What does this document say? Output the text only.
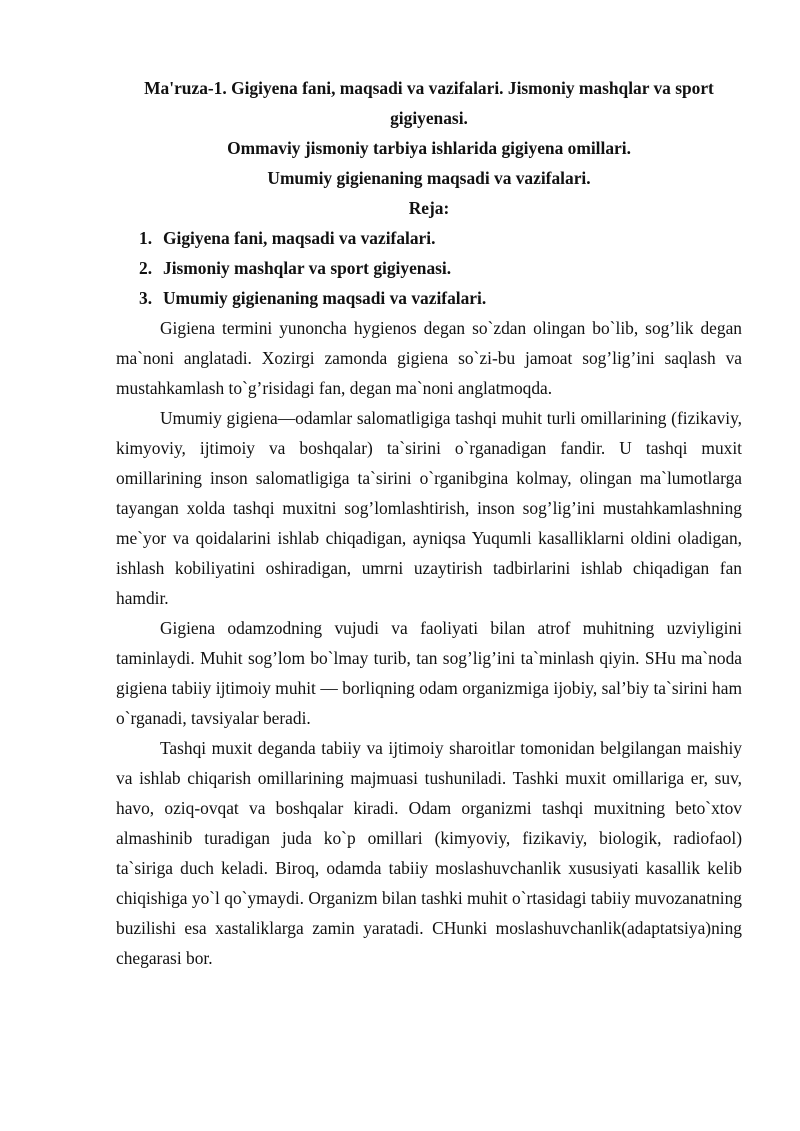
Ma'ruza-1. Gigiyena fani, maqsadi va vazifalari. Jismoniy mashqlar va sport gigiyenasi.
Ommaviy jismoniy tarbiya ishlarida gigiyena omillari.
Umumiy gigienaning maqsadi va vazifalari.
Reja:
1. Gigiyena fani, maqsadi va vazifalari.
2. Jismoniy mashqlar va sport gigiyenasi.
3. Umumiy gigienaning maqsadi va vazifalari.

Gigiena termini yunoncha hygienos degan so`zdan olingan bo`lib, sog’lik degan ma`noni anglatadi. Xozirgi zamonda gigiena so`zi-bu jamoat sog’lig’ini saqlash va mustahkamlash to`g’risidagi fan, degan ma`noni anglatmoqda.

Umumiy gigiena—odamlar salomatligiga tashqi muhit turli omillarining (fizikaviy, kimyoviy, ijtimoiy va boshqalar) ta`sirini o`rganadigan fandir. U tashqi muxit omillarining inson salomatligiga ta`sirini o`rganibgina kolmay, olingan ma`lumotlarga tayangan xolda tashqi muxitni sog’lomlashtirish, inson sog’lig’ini mustahkamlashning me`yor va qoidalarini ishlab chiqadigan, ayniqsa Yuqumli kasalliklarni oldini oladigan, ishlash kobiliyatini oshiradigan, umrni uzaytirish tadbirlarini ishlab chiqadigan fan hamdir.

Gigiena odamzodning vujudi va faoliyati bilan atrof muhitning uzviyligini taminlaydi. Muhit sog’lom bo`lmay turib, tan sog’lig’ini ta`minlash qiyin. SHu ma`noda gigiena tabiiy ijtimoiy muhit — borliqning odam organizmiga ijobiy, sal’biy ta`sirini ham o`rganadi, tavsiyalar beradi.

Tashqi muxit deganda tabiiy va ijtimoiy sharoitlar tomonidan belgilangan maishiy va ishlab chiqarish omillarining majmuasi tushuniladi. Tashki muxit omillariga er, suv, havo, oziq-ovqat va boshqalar kiradi. Odam organizmi tashqi muxitning beto`xtov almashinib turadigan juda ko`p omillari (kimyoviy, fizikaviy, biologik, radiofaol) ta`siriga duch keladi. Biroq, odamda tabiiy moslashuvchanlik xususiyati kasallik kelib chiqishiga yo`l qo`ymaydi. Organizm bilan tashki muhit o`rtasidagi tabiiy muvozanatning buzilishi esa xastaliklarga zamin yaratadi. CHunki moslashuvchanlik(adaptatsiya)ning chegarasi bor.
